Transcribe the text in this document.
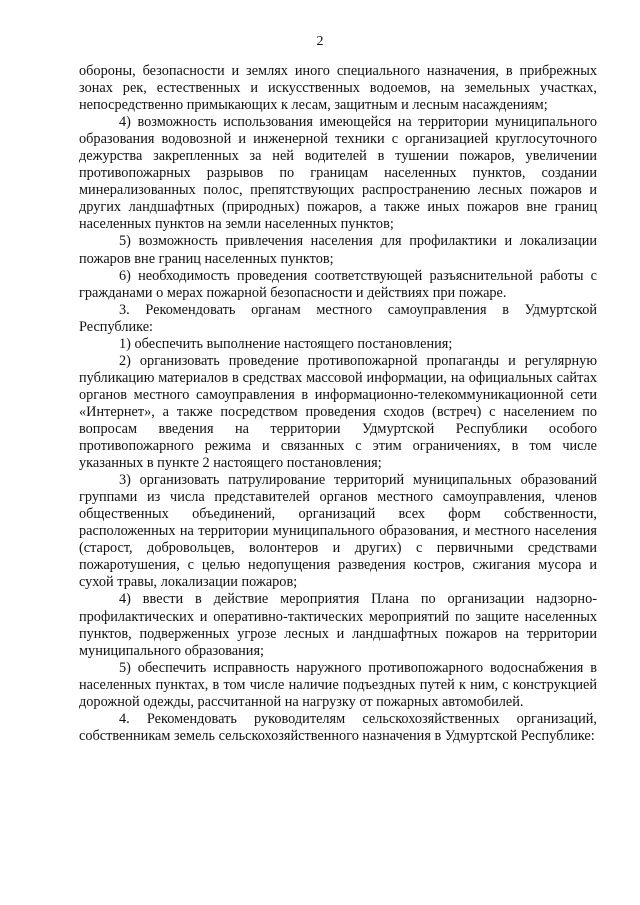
2

обороны, безопасности и землях иного специального назначения, в прибрежных зонах рек, естественных и искусственных водоемов, на земельных участках, непосредственно примыкающих к лесам, защитным и лесным насаждениям;

4) возможность использования имеющейся на территории муниципального образования водовозной и инженерной техники с организацией круглосуточного дежурства закрепленных за ней водителей в тушении пожаров, увеличении противопожарных разрывов по границам населенных пунктов, создании минерализованных полос, препятствующих распространению лесных пожаров и других ландшафтных (природных) пожаров, а также иных пожаров вне границ населенных пунктов на земли населенных пунктов;

5) возможность привлечения населения для профилактики и локализации пожаров вне границ населенных пунктов;

6) необходимость проведения соответствующей разъяснительной работы с гражданами о мерах пожарной безопасности и действиях при пожаре.

3. Рекомендовать органам местного самоуправления в Удмуртской Республике:

1) обеспечить выполнение настоящего постановления;

2) организовать проведение противопожарной пропаганды и регулярную публикацию материалов в средствах массовой информации, на официальных сайтах органов местного самоуправления в информационно-телекоммуникационной сети «Интернет», а также посредством проведения сходов (встреч) с населением по вопросам введения на территории Удмуртской Республики особого противопожарного режима и связанных с этим ограничениях, в том числе указанных в пункте 2 настоящего постановления;

3) организовать патрулирование территорий муниципальных образований группами из числа представителей органов местного самоуправления, членов общественных объединений, организаций всех форм собственности, расположенных на территории муниципального образования, и местного населения (старост, добровольцев, волонтеров и других) с первичными средствами пожаротушения, с целью недопущения разведения костров, сжигания мусора и сухой травы, локализации пожаров;

4) ввести в действие мероприятия Плана по организации надзорно-профилактических и оперативно-тактических мероприятий по защите населенных пунктов, подверженных угрозе лесных и ландшафтных пожаров на территории муниципального образования;

5) обеспечить исправность наружного противопожарного водоснабжения в населенных пунктах, в том числе наличие подъездных путей к ним, с конструкцией дорожной одежды, рассчитанной на нагрузку от пожарных автомобилей.

4. Рекомендовать руководителям сельскохозяйственных организаций, собственникам земель сельскохозяйственного назначения в Удмуртской Республике:
